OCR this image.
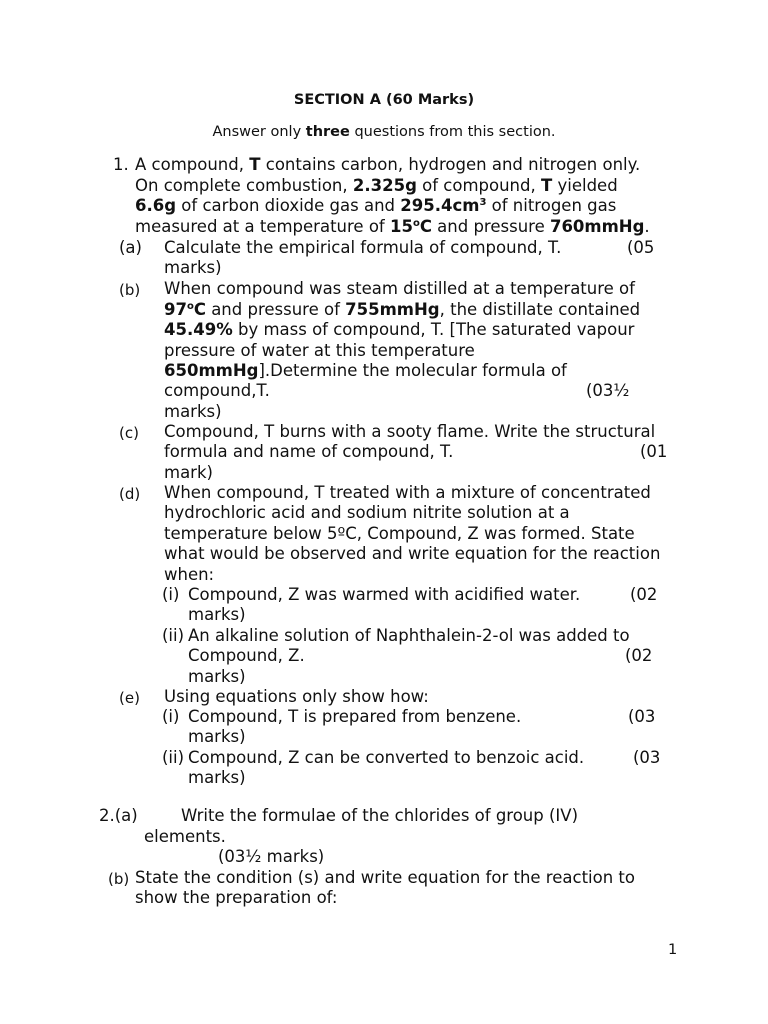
SECTION A (60 Marks)
Answer only three questions from this section.
1. A compound, T contains carbon, hydrogen and nitrogen only.
On complete combustion, 2.325g of compound, T yielded
6.6g of carbon dioxide gas and $295.4cm^3$ of nitrogen gas
measured at a temperature of 15$^o$C and pressure 760mmHg.
(a) Calculate the empirical formula of compound, T.	(05
marks)
(b) When compound was steam distilled at a temperature of
97$^o$C and pressure of 755mmHg, the distillate contained
45.49% by mass of compound, T. [The saturated vapour
pressure of water at this temperature
650mmHg].Determine the molecular formula of
compound,T.	(03½
marks)
(c) Compound, T burns with a sooty flame. Write the structural
formula and name of compound, T.	(01
mark)
(d) When compound, T treated with a mixture of concentrated
hydrochloric acid and sodium nitrite solution at a
temperature below 5ºC, Compound, Z was formed. State
what would be observed and write equation for the reaction
when:
(i) Compound, Z was warmed with acidified water.	(02
marks)
(ii) An alkaline solution of Naphthalein-2-ol was added to
Compound, Z.	(02
marks)
(e) Using equations only show how:
(i) Compound, T is prepared from benzene.	(03
marks)
(ii) Compound, Z can be converted to benzoic acid.	(03
marks)
2.(a)	Write the formulae of the chlorides of group (IV)
elements.
(03½ marks)
(b) State the condition (s) and write equation for the reaction to
show the preparation of:
1
